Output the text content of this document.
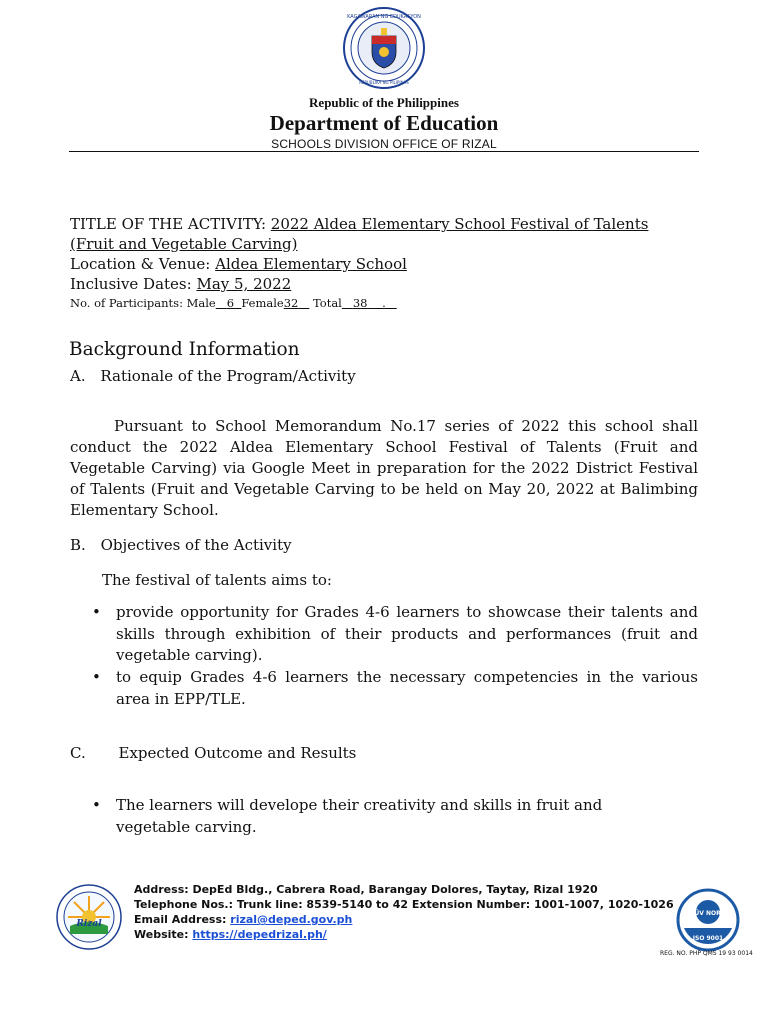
KAGAWARAN NG EDUKASYON
REPUBLIKA NG PILIPINAS
Republic of the Philippines
Department of Education
SCHOOLS DIVISION OFFICE OF RIZAL
TITLE OF THE ACTIVITY: 2022 Aldea Elementary School Festival of Talents
(Fruit and Vegetable Carving)
Location & Venue: Aldea Elementary School
Inclusive Dates: May 5, 2022
No. of Participants: Male 6 Female32 Total 38    .
Background Information
A. Rationale of the Program/Activity
Pursuant to School Memorandum No.17 series of 2022 this school shall conduct the 2022 Aldea Elementary School Festival of Talents (Fruit and Vegetable Carving) via Google Meet in preparation for the 2022 District Festival of Talents (Fruit and Vegetable Carving to be held on May 20, 2022 at Balimbing Elementary School.
B. Objectives of the Activity
The festival of talents aims to:
• provide opportunity for Grades 4-6 learners to showcase their talents and skills through exhibition of their products and performances (fruit and vegetable carving).
• to equip Grades 4-6 learners the necessary competencies in the various area in EPP/TLE.
C. Expected Outcome and Results
• The learners will develope their creativity and skills in fruit and vegetable carving.
Rizal
Address: DepEd Bldg., Cabrera Road, Barangay Dolores, Taytay, Rizal 1920
Telephone Nos.: Trunk line: 8539-5140 to 42 Extension Number: 1001-1007, 1020-1026
Email Address: rizal@deped.gov.ph
Website: https://depedrizal.ph/
TÜV NORD
ISO 9001
REG. NO. PHP QMS 19 93 0014
